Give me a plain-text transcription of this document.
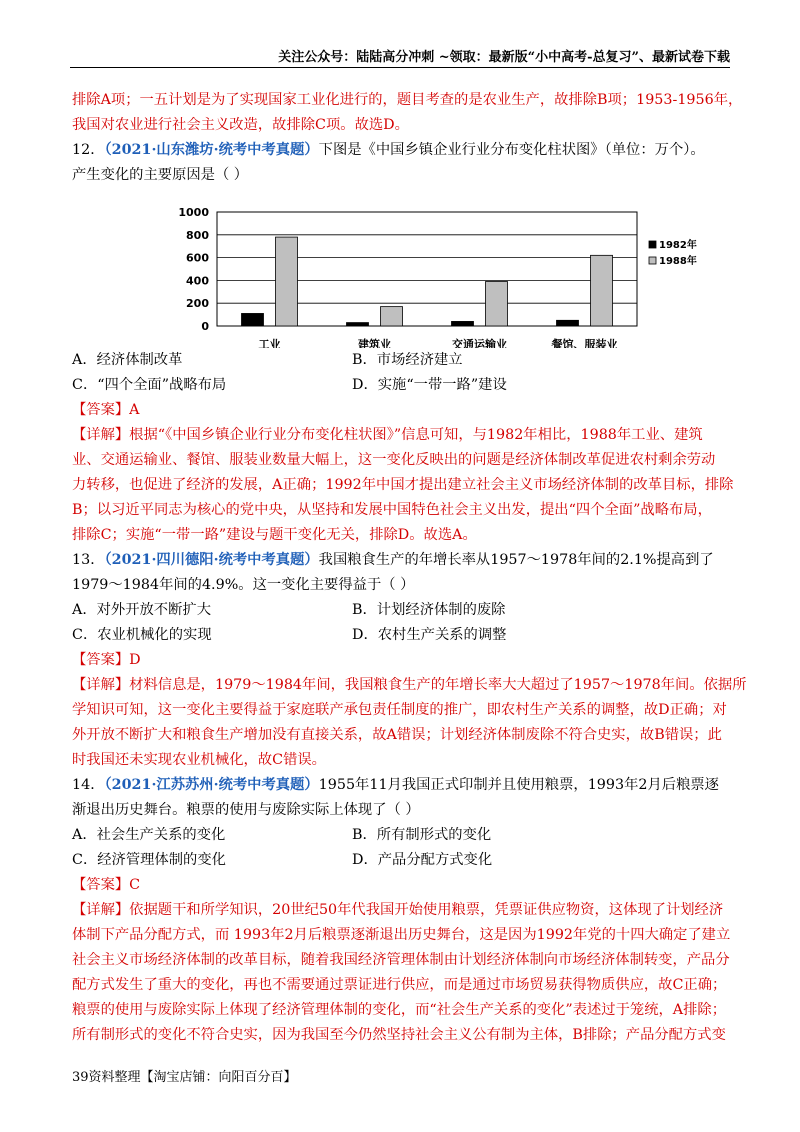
关注公众号：陆陆高分冲刺 ~领取：最新版“小中高考-总复习”、最新试卷下载
排除A项；一五计划是为了实现国家工业化进行的，题目考查的是农业生产，故排除B项；1953-1956年，
我国对农业进行社会主义改造，故排除C项。故选D。
12．（2021·山东潍坊·统考中考真题）下图是《中国乡镇企业行业分布变化柱状图》（单位：万个）。
产生变化的主要原因是（ ）
0
200
400
600
800
1000
工业	建筑业	交通运输业	餐馆、服装业
1982年
1988年
A．经济体制改革	B．市场经济建立
C．“四个全面”战略布局	D．实施“一带一路”建设
【答案】A
【详解】根据“《中国乡镇企业行业分布变化柱状图》”信息可知，与1982年相比，1988年工业、建筑
业、交通运输业、餐馆、服装业数量大幅上，这一变化反映出的问题是经济体制改革促进农村剩余劳动
力转移，也促进了经济的发展，A正确；1992年中国才提出建立社会主义市场经济体制的改革目标，排除
B；以习近平同志为核心的党中央，从坚持和发展中国特色社会主义出发，提出“四个全面”战略布局，
排除C；实施“一带一路”建设与题干变化无关，排除D。故选A。
13．（2021·四川德阳·统考中考真题）我国粮食生产的年增长率从1957～1978年间的2.1%提高到了
1979～1984年间的4.9%。这一变化主要得益于（ ）
A．对外开放不断扩大	B．计划经济体制的废除
C．农业机械化的实现	D．农村生产关系的调整
【答案】D
【详解】材料信息是，1979～1984年间，我国粮食生产的年增长率大大超过了1957～1978年间。依据所
学知识可知，这一变化主要得益于家庭联产承包责任制度的推广，即农村生产关系的调整，故D正确；对
外开放不断扩大和粮食生产增加没有直接关系，故A错误；计划经济体制废除不符合史实，故B错误；此
时我国还未实现农业机械化，故C错误。
14．（2021·江苏苏州·统考中考真题）1955年11月我国正式印制并且使用粮票，1993年2月后粮票逐
渐退出历史舞台。粮票的使用与废除实际上体现了（ ）
A．社会生产关系的变化	B．所有制形式的变化
C．经济管理体制的变化	D．产品分配方式变化
【答案】C
【详解】依据题干和所学知识，20世纪50年代我国开始使用粮票，凭票证供应物资，这体现了计划经济
体制下产品分配方式，而 1993年2月后粮票逐渐退出历史舞台，这是因为1992年党的十四大确定了建立
社会主义市场经济体制的改革目标，随着我国经济管理体制由计划经济体制向市场经济体制转变，产品分
配方式发生了重大的变化，再也不需要通过票证进行供应，而是通过市场贸易获得物质供应，故C正确；
粮票的使用与废除实际上体现了经济管理体制的变化，而“社会生产关系的变化”表述过于笼统，A排除；
所有制形式的变化不符合史实，因为我国至今仍然坚持社会主义公有制为主体，B排除；产品分配方式变
39资料整理【淘宝店铺：向阳百分百】
